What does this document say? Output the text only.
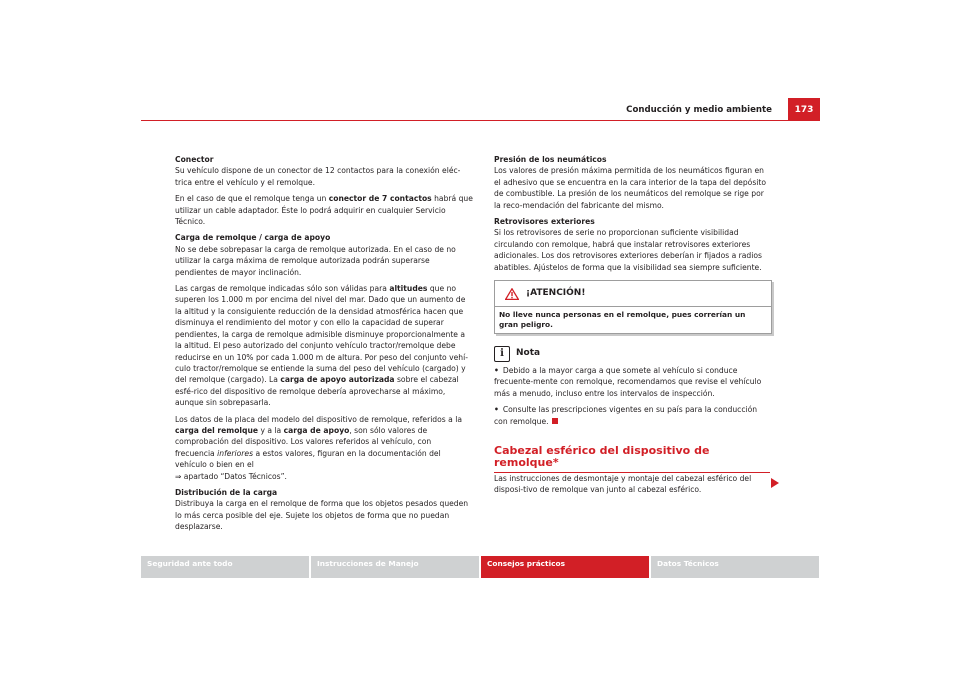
Conducción y medio ambiente	173
Conector

Su vehículo dispone de un conector de 12 contactos para la conexión eléc-trica entre el vehículo y el remolque.

En el caso de que el remolque tenga un conector de 7 contactos habrá que utilizar un cable adaptador. Éste lo podrá adquirir en cualquier Servicio Técnico.

Carga de remolque / carga de apoyo

No se debe sobrepasar la carga de remolque autorizada. En el caso de no utilizar la carga máxima de remolque autorizada podrán superarse pendientes de mayor inclinación.

Las cargas de remolque indicadas sólo son válidas para altitudes que no superen los 1.000 m por encima del nivel del mar. Dado que un aumento de la altitud y la consiguiente reducción de la densidad atmosférica hacen que disminuya el rendimiento del motor y con ello la capacidad de superar pendientes, la carga de remolque admisible disminuye proporcionalmente a la altitud. El peso autorizado del conjunto vehículo tractor/remolque debe reducirse en un 10% por cada 1.000 m de altura. Por peso del conjunto vehí-culo tractor/remolque se entiende la suma del peso del vehículo (cargado) y del remolque (cargado). La carga de apoyo autorizada sobre el cabezal esfé-rico del dispositivo de remolque debería aprovecharse al máximo, aunque sin sobrepasarla.

Los datos de la placa del modelo del dispositivo de remolque, referidos a la carga del remolque y a la carga de apoyo, son sólo valores de comprobación del dispositivo. Los valores referidos al vehículo, con frecuencia inferiores a estos valores, figuran en la documentación del vehículo o bien en el
⇒ apartado “Datos Técnicos”.

Distribución de la carga

Distribuya la carga en el remolque de forma que los objetos pesados queden lo más cerca posible del eje. Sujete los objetos de forma que no puedan desplazarse.

Presión de los neumáticos

Los valores de presión máxima permitida de los neumáticos figuran en el adhesivo que se encuentra en la cara interior de la tapa del depósito de combustible. La presión de los neumáticos del remolque se rige por la reco-mendación del fabricante del mismo.

Retrovisores exteriores

Si los retrovisores de serie no proporcionan suficiente visibilidad circulando con remolque, habrá que instalar retrovisores exteriores adicionales. Los dos retrovisores exteriores deberían ir fijados a radios abatibles. Ajústelos de forma que la visibilidad sea siempre suficiente.

¡ATENCIÓN!
No lleve nunca personas en el remolque, pues correrían un gran peligro.
i	Nota

• Debido a la mayor carga a que somete al vehículo si conduce frecuente-mente con remolque, recomendamos que revise el vehículo más a menudo, incluso entre los intervalos de inspección.

• Consulte las prescripciones vigentes en su país para la conducción con remolque.

Cabezal esférico del dispositivo de remolque*

Las instrucciones de desmontaje y montaje del cabezal esférico del disposi-tivo de remolque van junto al cabezal esférico.

Seguridad ante todo	Instrucciones de Manejo	Consejos prácticos	Datos Técnicos
